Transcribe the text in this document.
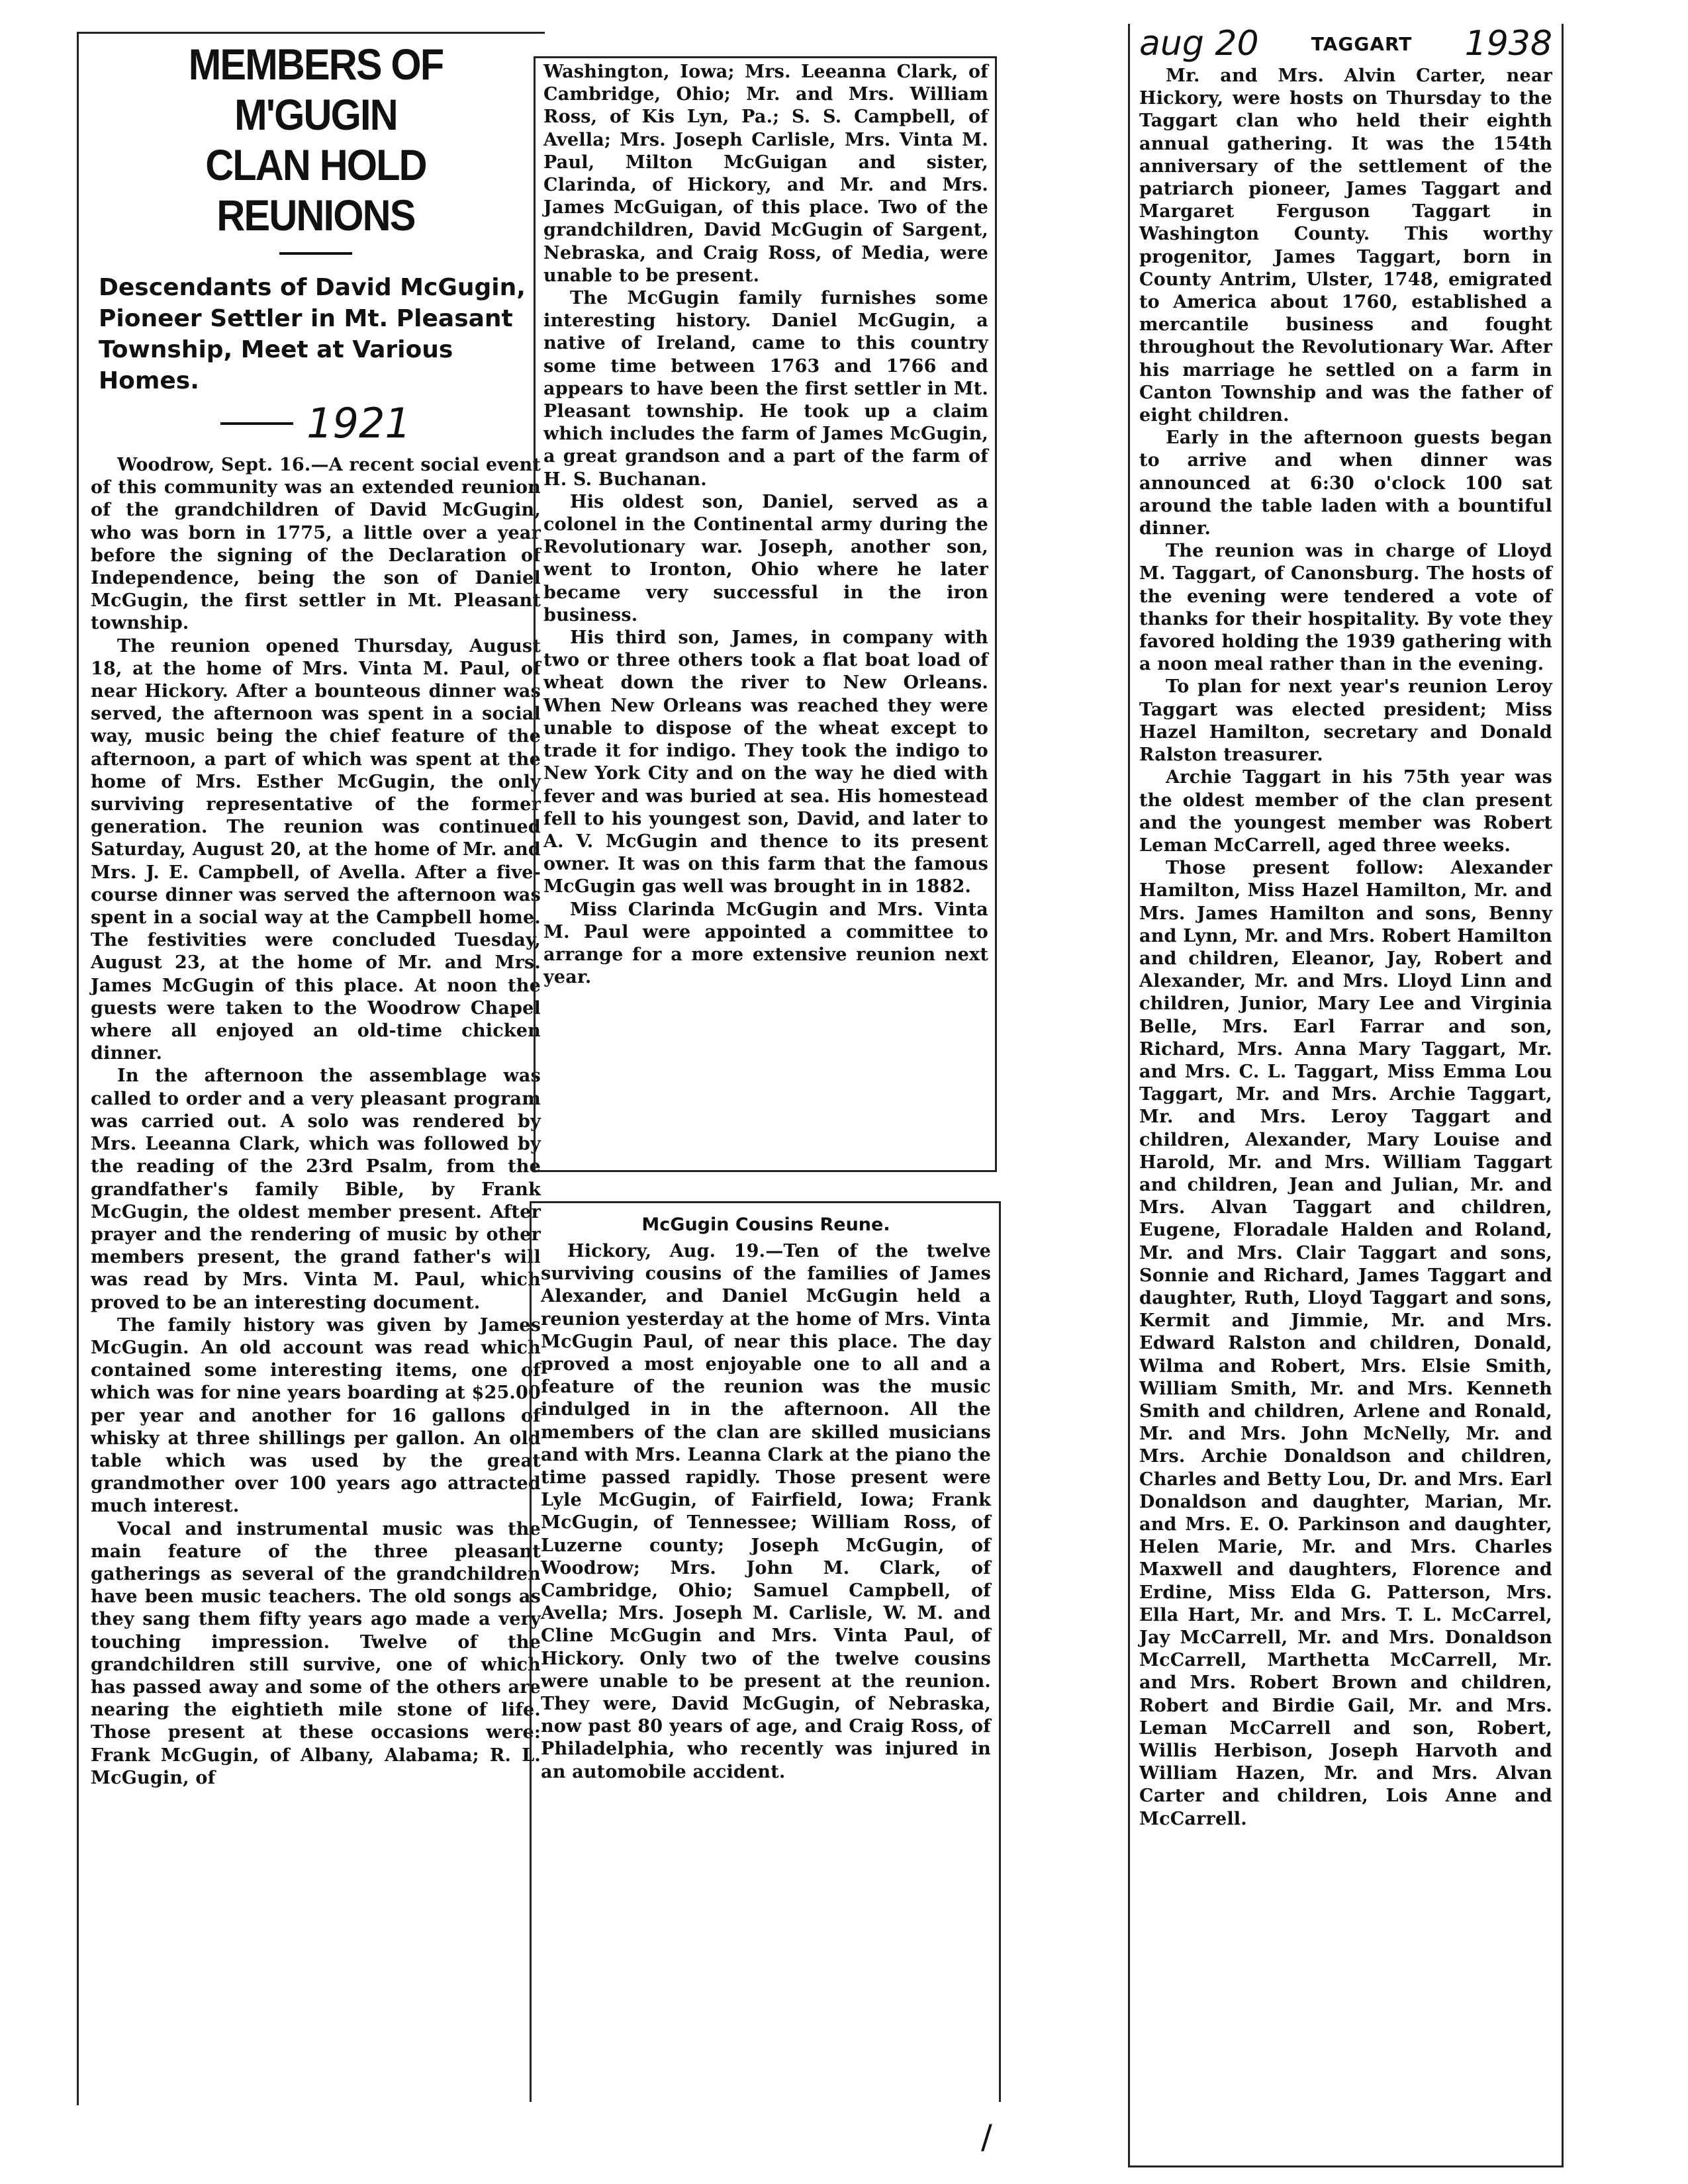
MEMBERS OF M'GUGIN
CLAN HOLD REUNIONS
Descendants of David McGugin, Pioneer Settler in Mt. Pleasant Township, Meet at Various Homes.
1921

Woodrow, Sept. 16.—A recent social event of this community was an extended reunion of the grandchildren of David McGugin, who was born in 1775, a little over a year before the signing of the Declaration of Independence, being the son of Daniel McGugin, the first settler in Mt. Pleasant township.

The reunion opened Thursday, August 18, at the home of Mrs. Vinta M. Paul, of near Hickory. After a bounteous dinner was served, the afternoon was spent in a social way, music being the chief feature of the afternoon, a part of which was spent at the home of Mrs. Esther McGugin, the only surviving representative of the former generation. The reunion was continued Saturday, August 20, at the home of Mr. and Mrs. J. E. Campbell, of Avella. After a five-course dinner was served the afternoon was spent in a social way at the Campbell home. The festivities were concluded Tuesday, August 23, at the home of Mr. and Mrs. James McGugin of this place. At noon the guests were taken to the Woodrow Chapel where all enjoyed an old-time chicken dinner.

In the afternoon the assemblage was called to order and a very pleasant program was carried out. A solo was rendered by Mrs. Leeanna Clark, which was followed by the reading of the 23rd Psalm, from the grandfather's family Bible, by Frank McGugin, the oldest member present. After prayer and the rendering of music by other members present, the grand father's will was read by Mrs. Vinta M. Paul, which proved to be an interesting document.

The family history was given by James McGugin. An old account was read which contained some interesting items, one of which was for nine years boarding at $25.00 per year and another for 16 gallons of whisky at three shillings per gallon. An old table which was used by the great grandmother over 100 years ago attracted much interest.

Vocal and instrumental music was the main feature of the three pleasant gatherings as several of the grandchildren have been music teachers. The old songs as they sang them fifty years ago made a very touching impression. Twelve of the grandchildren still survive, one of which has passed away and some of the others are nearing the eightieth mile stone of life. Those present at these occasions were: Frank McGugin, of Albany, Alabama; R. L. McGugin, of

Washington, Iowa; Mrs. Leeanna Clark, of Cambridge, Ohio; Mr. and Mrs. William Ross, of Kis Lyn, Pa.; S. S. Campbell, of Avella; Mrs. Joseph Carlisle, Mrs. Vinta M. Paul, Milton McGuigan and sister, Clarinda, of Hickory, and Mr. and Mrs. James McGuigan, of this place. Two of the grandchildren, David McGugin of Sargent, Nebraska, and Craig Ross, of Media, were unable to be present.

The McGugin family furnishes some interesting history. Daniel McGugin, a native of Ireland, came to this country some time between 1763 and 1766 and appears to have been the first settler in Mt. Pleasant township. He took up a claim which includes the farm of James McGugin, a great grandson and a part of the farm of H. S. Buchanan.

His oldest son, Daniel, served as a colonel in the Continental army during the Revolutionary war. Joseph, another son, went to Ironton, Ohio where he later became very successful in the iron business.

His third son, James, in company with two or three others took a flat boat load of wheat down the river to New Orleans. When New Orleans was reached they were unable to dispose of the wheat except to trade it for indigo. They took the indigo to New York City and on the way he died with fever and was buried at sea. His homestead fell to his youngest son, David, and later to A. V. McGugin and thence to its present owner. It was on this farm that the famous McGugin gas well was brought in in 1882.

Miss Clarinda McGugin and Mrs. Vinta M. Paul were appointed a committee to arrange for a more extensive reunion next year.

McGugin Cousins Reune.

Hickory, Aug. 19.—Ten of the twelve surviving cousins of the families of James Alexander, and Daniel McGugin held a reunion yesterday at the home of Mrs. Vinta McGugin Paul, of near this place. The day proved a most enjoyable one to all and a feature of the reunion was the music indulged in in the afternoon. All the members of the clan are skilled musicians and with Mrs. Leanna Clark at the piano the time passed rapidly. Those present were Lyle McGugin, of Fairfield, Iowa; Frank McGugin, of Tennessee; William Ross, of Luzerne county; Joseph McGugin, of Woodrow; Mrs. John M. Clark, of Cambridge, Ohio; Samuel Campbell, of Avella; Mrs. Joseph M. Carlisle, W. M. and Cline McGugin and Mrs. Vinta Paul, of Hickory. Only two of the twelve cousins were unable to be present at the reunion. They were, David McGugin, of Nebraska, now past 80 years of age, and Craig Ross, of Philadelphia, who recently was injured in an automobile accident.

aug 20	TAGGART 1938

Mr. and Mrs. Alvin Carter, near Hickory, were hosts on Thursday to the Taggart clan who held their eighth annual gathering. It was the 154th anniversary of the settlement of the patriarch pioneer, James Taggart and Margaret Ferguson Taggart in Washington County. This worthy progenitor, James Taggart, born in County Antrim, Ulster, 1748, emigrated to America about 1760, established a mercantile business and fought throughout the Revolutionary War. After his marriage he settled on a farm in Canton Township and was the father of eight children.

Early in the afternoon guests began to arrive and when dinner was announced at 6:30 o'clock 100 sat around the table laden with a bountiful dinner.

The reunion was in charge of Lloyd M. Taggart, of Canonsburg. The hosts of the evening were tendered a vote of thanks for their hospitality. By vote they favored holding the 1939 gathering with a noon meal rather than in the evening.

To plan for next year's reunion Leroy Taggart was elected president; Miss Hazel Hamilton, secretary and Donald Ralston treasurer.

Archie Taggart in his 75th year was the oldest member of the clan present and the youngest member was Robert Leman McCarrell, aged three weeks.

Those present follow: Alexander Hamilton, Miss Hazel Hamilton, Mr. and Mrs. James Hamilton and sons, Benny and Lynn, Mr. and Mrs. Robert Hamilton and children, Eleanor, Jay, Robert and Alexander, Mr. and Mrs. Lloyd Linn and children, Junior, Mary Lee and Virginia Belle, Mrs. Earl Farrar and son, Richard, Mrs. Anna Mary Taggart, Mr. and Mrs. C. L. Taggart, Miss Emma Lou Taggart, Mr. and Mrs. Archie Taggart, Mr. and Mrs. Leroy Taggart and children, Alexander, Mary Louise and Harold, Mr. and Mrs. William Taggart and children, Jean and Julian, Mr. and Mrs. Alvan Taggart and children, Eugene, Floradale Halden and Roland, Mr. and Mrs. Clair Taggart and sons, Sonnie and Richard, James Taggart and daughter, Ruth, Lloyd Taggart and sons, Kermit and Jimmie, Mr. and Mrs. Edward Ralston and children, Donald, Wilma and Robert, Mrs. Elsie Smith, William Smith, Mr. and Mrs. Kenneth Smith and children, Arlene and Ronald, Mr. and Mrs. John McNelly, Mr. and Mrs. Archie Donaldson and children, Charles and Betty Lou, Dr. and Mrs. Earl Donaldson and daughter, Marian, Mr. and Mrs. E. O. Parkinson and daughter, Helen Marie, Mr. and Mrs. Charles Maxwell and daughters, Florence and Erdine, Miss Elda G. Patterson, Mrs. Ella Hart, Mr. and Mrs. T. L. McCarrel, Jay McCarrell, Mr. and Mrs. Donaldson McCarrell, Marthetta McCarrell, Mr. and Mrs. Robert Brown and children, Robert and Birdie Gail, Mr. and Mrs. Leman McCarrell and son, Robert, Willis Herbison, Joseph Harvoth and William Hazen, Mr. and Mrs. Alvan Carter and children, Lois Anne and McCarrell.

/
